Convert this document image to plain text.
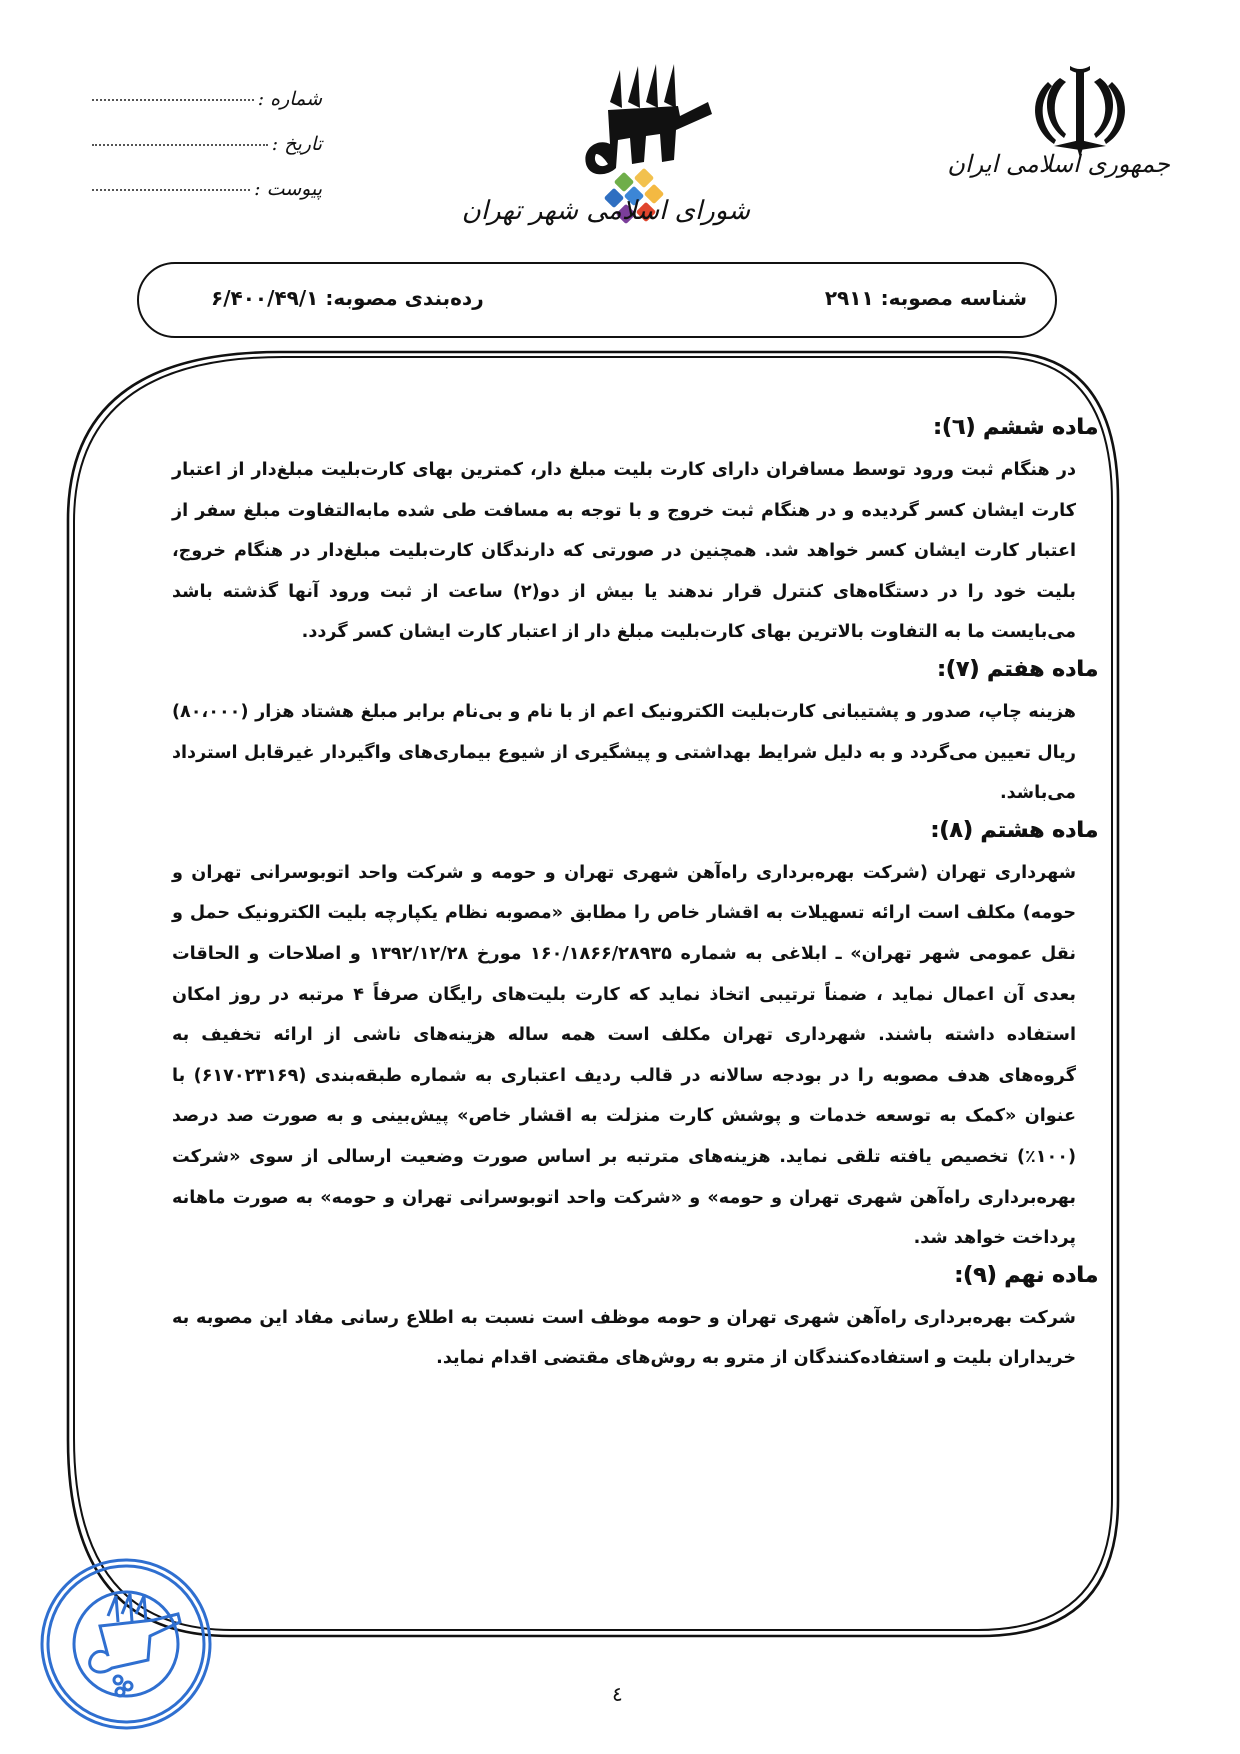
شماره :
تاریخ :
پیوست :
شورای اسلامی شهر تهران
جمهوری اسلامی ایران
شناسه مصوبه: ۲۹۱۱
رده‌بندی مصوبه: ۶/۴۰۰/۴۹/۱
ماده ششم (٦):

در هنگام ثبت ورود توسط مسافران دارای کارت بلیت مبلغ دار، کمترین بهای کارت‌بلیت مبلغ‌دار از اعتبار کارت ایشان کسر گردیده و در هنگام ثبت خروج و با توجه به مسافت طی شده مابه‌التفاوت مبلغ سفر از اعتبار کارت ایشان کسر خواهد شد. همچنین در صورتی که دارندگان کارت‌بلیت مبلغ‌دار در هنگام خروج، بلیت خود را در دستگاه‌های کنترل قرار ندهند یا بیش از دو(۲) ساعت از ثبت ورود آنها گذشته باشد می‌بایست ما به التفاوت بالاترین بهای کارت‌بلیت مبلغ دار از اعتبار کارت ایشان کسر گردد.

ماده هفتم (۷):

هزینه چاپ، صدور و پشتیبانی کارت‌بلیت الکترونیک اعم از با نام و بی‌نام برابر مبلغ هشتاد هزار (۸۰،۰۰۰) ریال تعیین می‌گردد و به دلیل شرایط بهداشتی و پیشگیری از شیوع بیماری‌های واگیردار غیرقابل استرداد می‌باشد.

ماده هشتم (۸):

شهرداری تهران (شرکت بهره‌برداری راه‌آهن شهری تهران و حومه و شرکت واحد اتوبوسرانی تهران و حومه) مکلف است ارائه تسهیلات به اقشار خاص را مطابق «مصوبه نظام یکپارچه بلیت الکترونیک حمل و نقل عمومی شهر تهران» ـ ابلاغی به شماره ۱۶۰/۱۸۶۶/۲۸۹۳۵ مورخ ۱۳۹۲/۱۲/۲۸ و اصلاحات و الحاقات بعدی آن اعمال نماید ، ضمناً ترتیبی اتخاذ نماید که کارت بلیت‌های رایگان صرفاً ۴ مرتبه در روز امکان استفاده داشته باشند. شهرداری تهران مکلف است همه ساله هزینه‌های ناشی از ارائه تخفیف به گروه‌های هدف مصوبه را در بودجه سالانه در قالب ردیف اعتباری به شماره طبقه‌بندی (۶۱۷۰۲۳۱۶۹) با عنوان «کمک به توسعه خدمات و پوشش کارت منزلت به اقشار خاص» پیش‌بینی و به صورت صد درصد (۱۰۰٪) تخصیص یافته تلقی نماید. هزینه‌های مترتبه بر اساس صورت وضعیت ارسالی از سوی «شرکت بهره‌برداری راه‌آهن شهری تهران و حومه» و «شرکت واحد اتوبوسرانی تهران و حومه» به صورت ماهانه پرداخت خواهد شد.

ماده نهم (۹):

شرکت بهره‌برداری راه‌آهن شهری تهران و حومه موظف است نسبت به اطلاع رسانی مفاد این مصوبه به خریداران بلیت و استفاده‌کنندگان از مترو به روش‌های مقتضی اقدام نماید.

٤
